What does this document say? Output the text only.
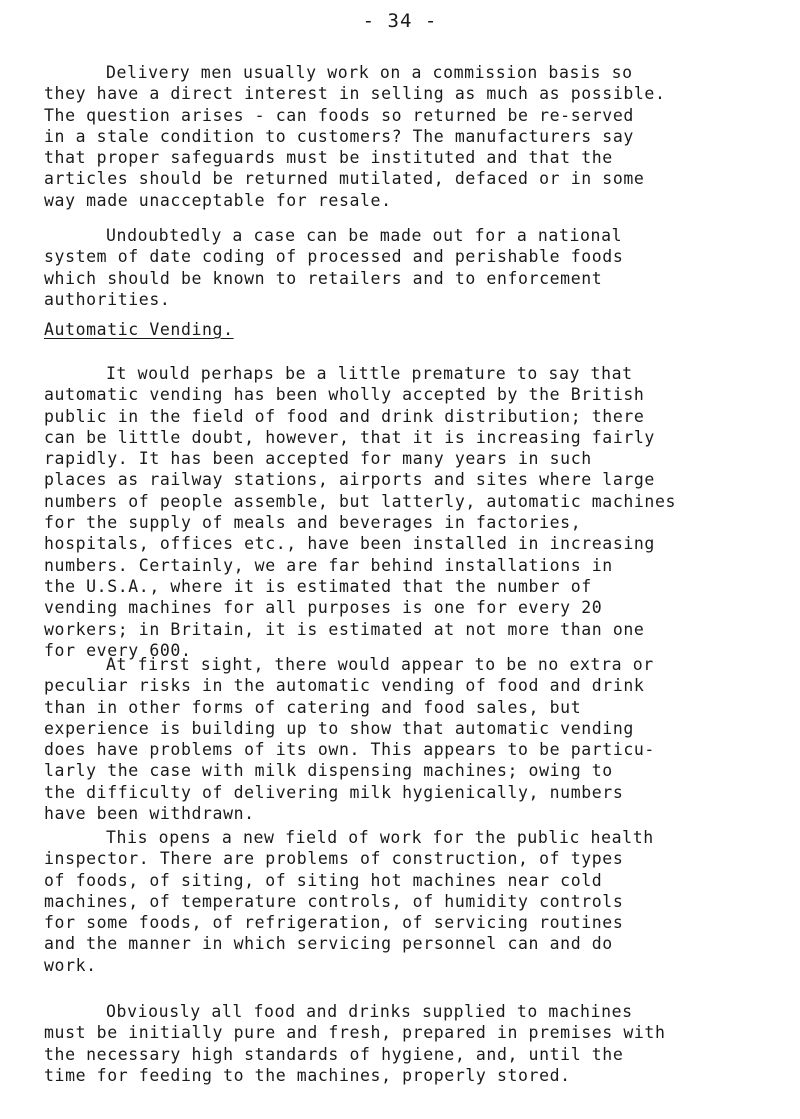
- 34 -

Delivery men usually work on a commission basis so
they have a direct interest in selling as much as possible.
The question arises - can foods so returned be re-served
in a stale condition to customers? The manufacturers say
that proper safeguards must be instituted and that the
articles should be returned mutilated, defaced or in some
way made unacceptable for resale.

Undoubtedly a case can be made out for a national
system of date coding of processed and perishable foods
which should be known to retailers and to enforcement
authorities.

Automatic Vending.

It would perhaps be a little premature to say that
automatic vending has been wholly accepted by the British
public in the field of food and drink distribution; there
can be little doubt, however, that it is increasing fairly
rapidly. It has been accepted for many years in such
places as railway stations, airports and sites where large
numbers of people assemble, but latterly, automatic machines
for the supply of meals and beverages in factories,
hospitals, offices etc., have been installed in increasing
numbers. Certainly, we are far behind installations in
the U.S.A., where it is estimated that the number of
vending machines for all purposes is one for every 20
workers; in Britain, it is estimated at not more than one
for every 600.

At first sight, there would appear to be no extra or
peculiar risks in the automatic vending of food and drink
than in other forms of catering and food sales, but
experience is building up to show that automatic vending
does have problems of its own. This appears to be particu-
larly the case with milk dispensing machines; owing to
the difficulty of delivering milk hygienically, numbers
have been withdrawn.

This opens a new field of work for the public health
inspector. There are problems of construction, of types
of foods, of siting, of siting hot machines near cold
machines, of temperature controls, of humidity controls
for some foods, of refrigeration, of servicing routines
and the manner in which servicing personnel can and do
work.

Obviously all food and drinks supplied to machines
must be initially pure and fresh, prepared in premises with
the necessary high standards of hygiene, and, until the
time for feeding to the machines, properly stored.
